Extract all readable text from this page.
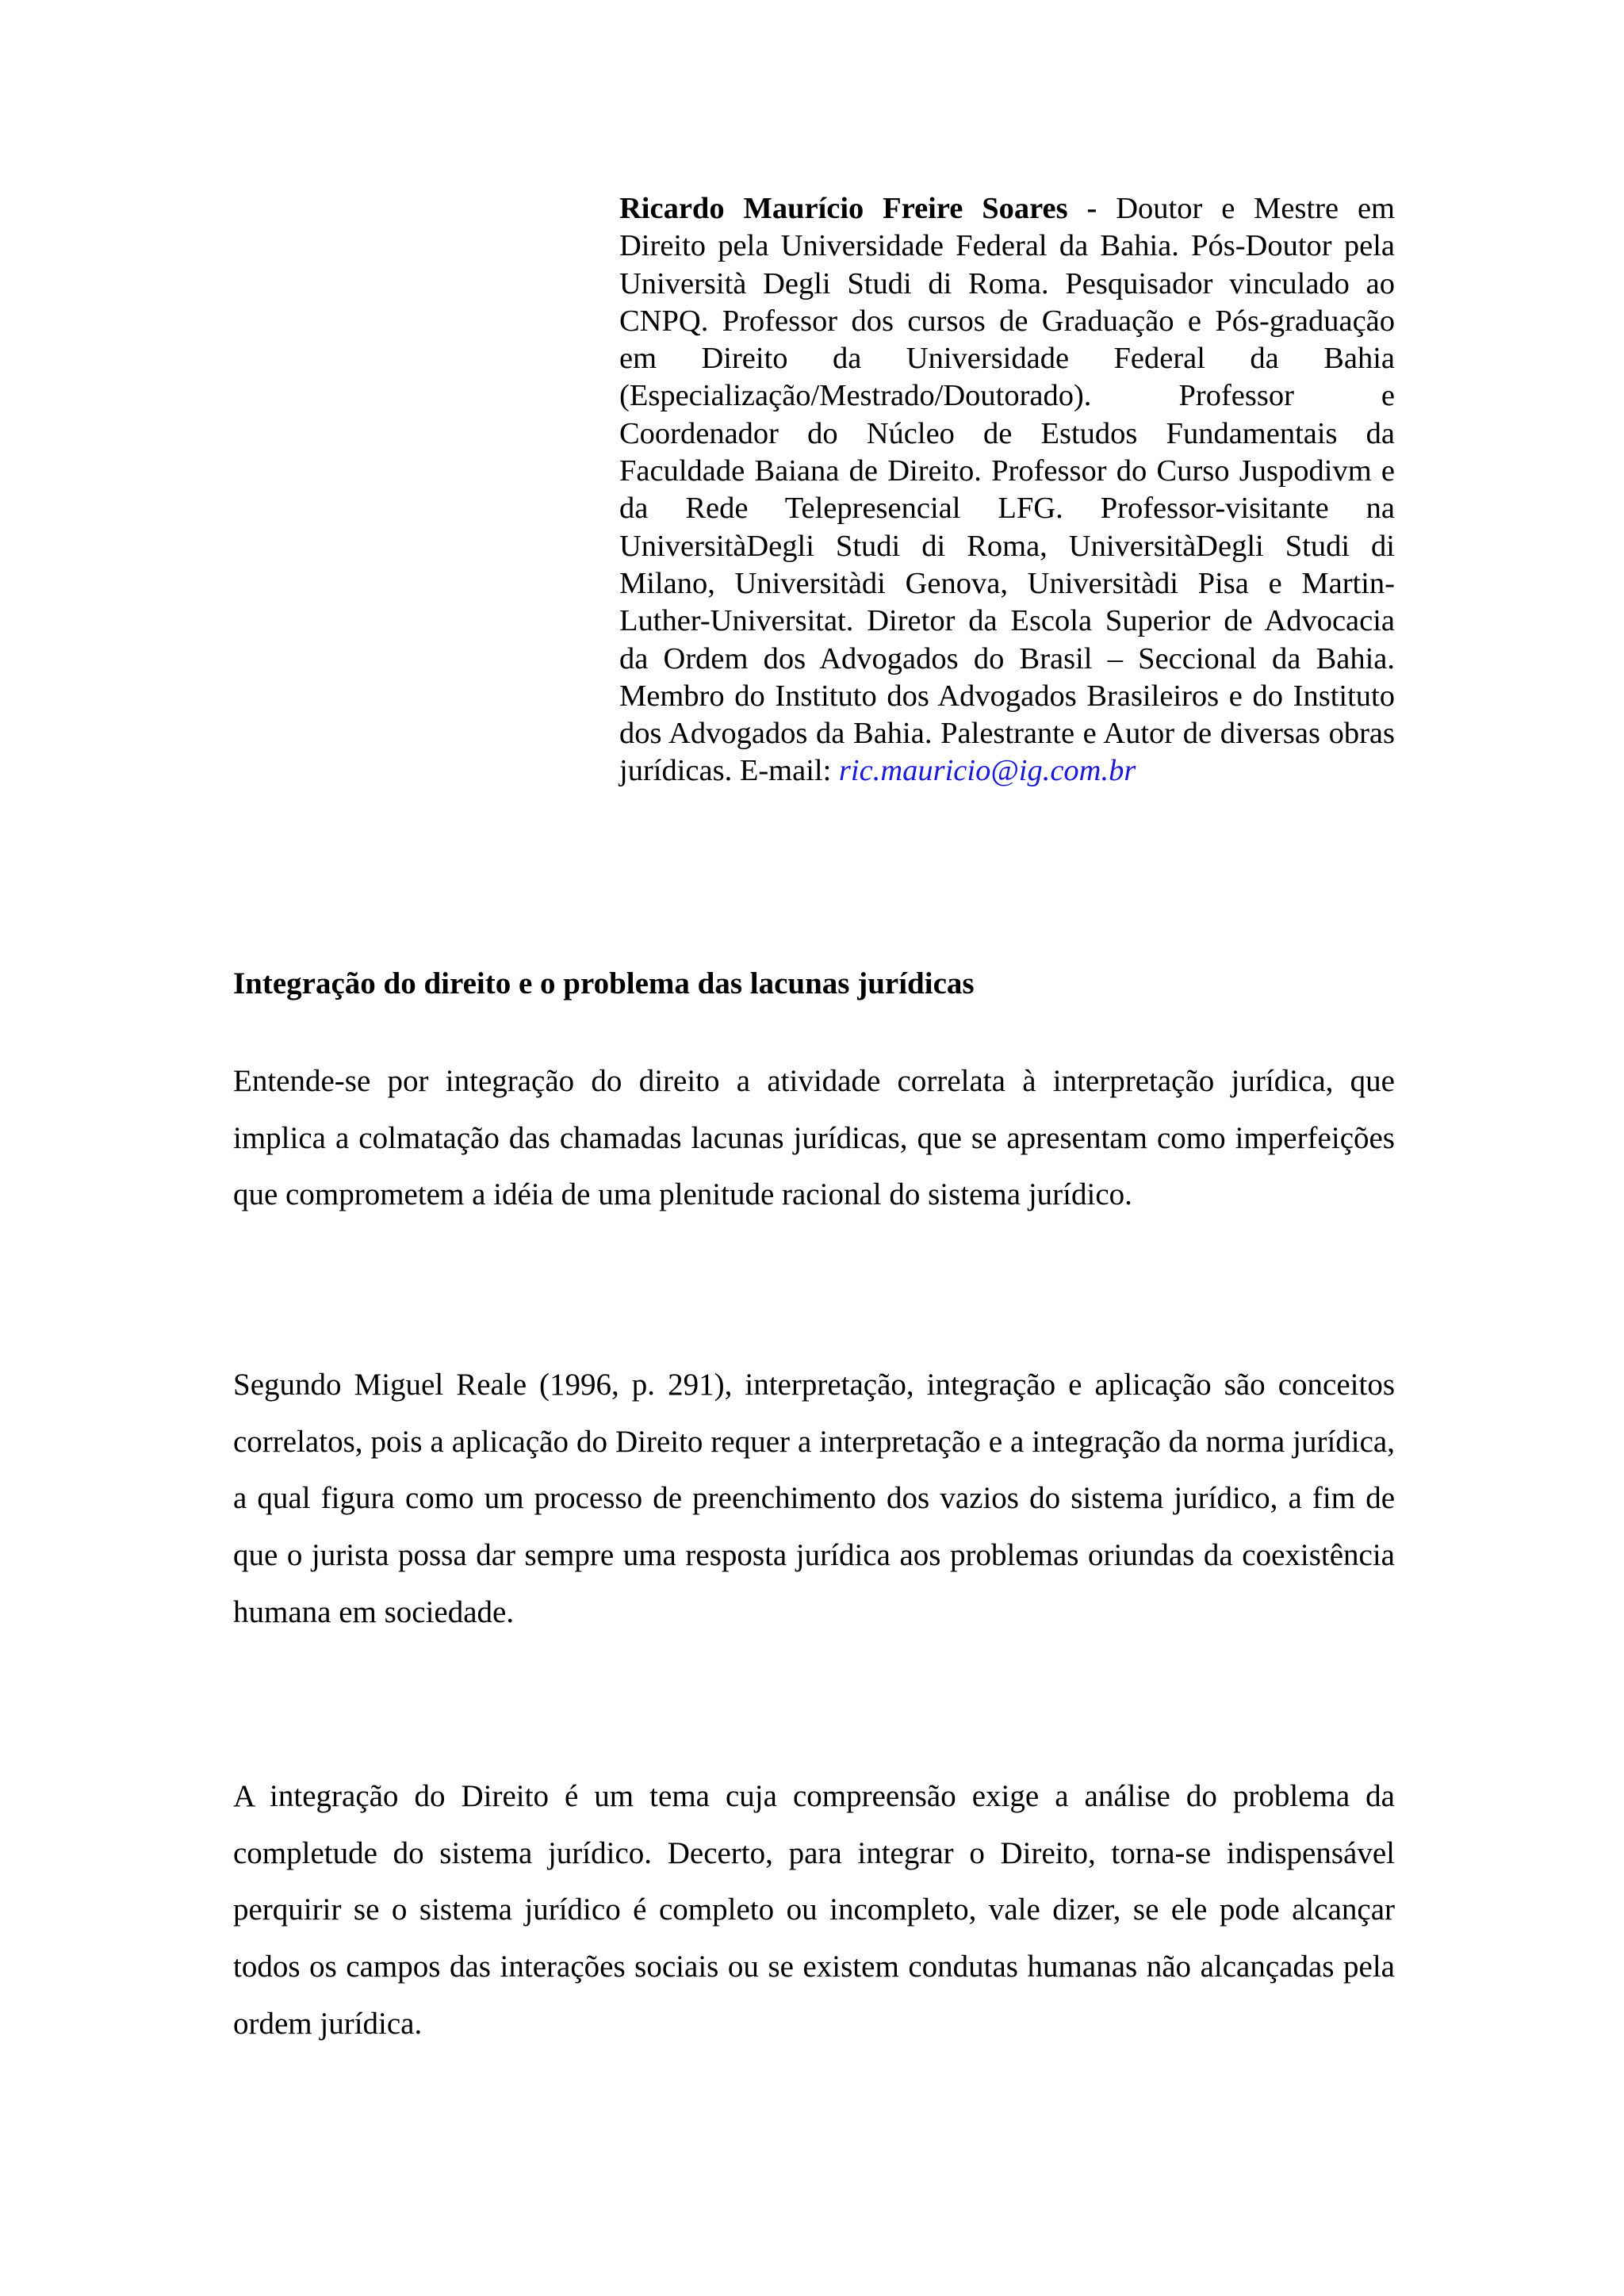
Ricardo Maurício Freire Soares - Doutor e Mestre em Direito pela Universidade Federal da Bahia. Pós-Doutor pela Università Degli Studi di Roma. Pesquisador vinculado ao CNPQ. Professor dos cursos de Graduação e Pós-graduação em Direito da Universidade Federal da Bahia (Especialização/Mestrado/Doutorado). Professor e Coordenador do Núcleo de Estudos Fundamentais da Faculdade Baiana de Direito. Professor do Curso Juspodivm e da Rede Telepresencial LFG. Professor-visitante na UniversitàDegli Studi di Roma, UniversitàDegli Studi di Milano, Universitàdi Genova, Universitàdi Pisa e Martin-Luther-Universitat. Diretor da Escola Superior de Advocacia da Ordem dos Advogados do Brasil – Seccional da Bahia. Membro do Instituto dos Advogados Brasileiros e do Instituto dos Advogados da Bahia. Palestrante e Autor de diversas obras jurídicas. E-mail: ric.mauricio@ig.com.br

Integração do direito e o problema das lacunas jurídicas

Entende-se por integração do direito a atividade correlata à interpretação jurídica, que implica a colmatação das chamadas lacunas jurídicas, que se apresentam como imperfeições que comprometem a idéia de uma plenitude racional do sistema jurídico.

Segundo Miguel Reale (1996, p. 291), interpretação, integração e aplicação são conceitos correlatos, pois a aplicação do Direito requer a interpretação e a integração da norma jurídica, a qual figura como um processo de preenchimento dos vazios do sistema jurídico, a fim de que o jurista possa dar sempre uma resposta jurídica aos problemas oriundas da coexistência humana em sociedade.

A integração do Direito é um tema cuja compreensão exige a análise do problema da completude do sistema jurídico. Decerto, para integrar o Direito, torna-se indispensável perquirir se o sistema jurídico é completo ou incompleto, vale dizer, se ele pode alcançar todos os campos das interações sociais ou se existem condutas humanas não alcançadas pela ordem jurídica.
